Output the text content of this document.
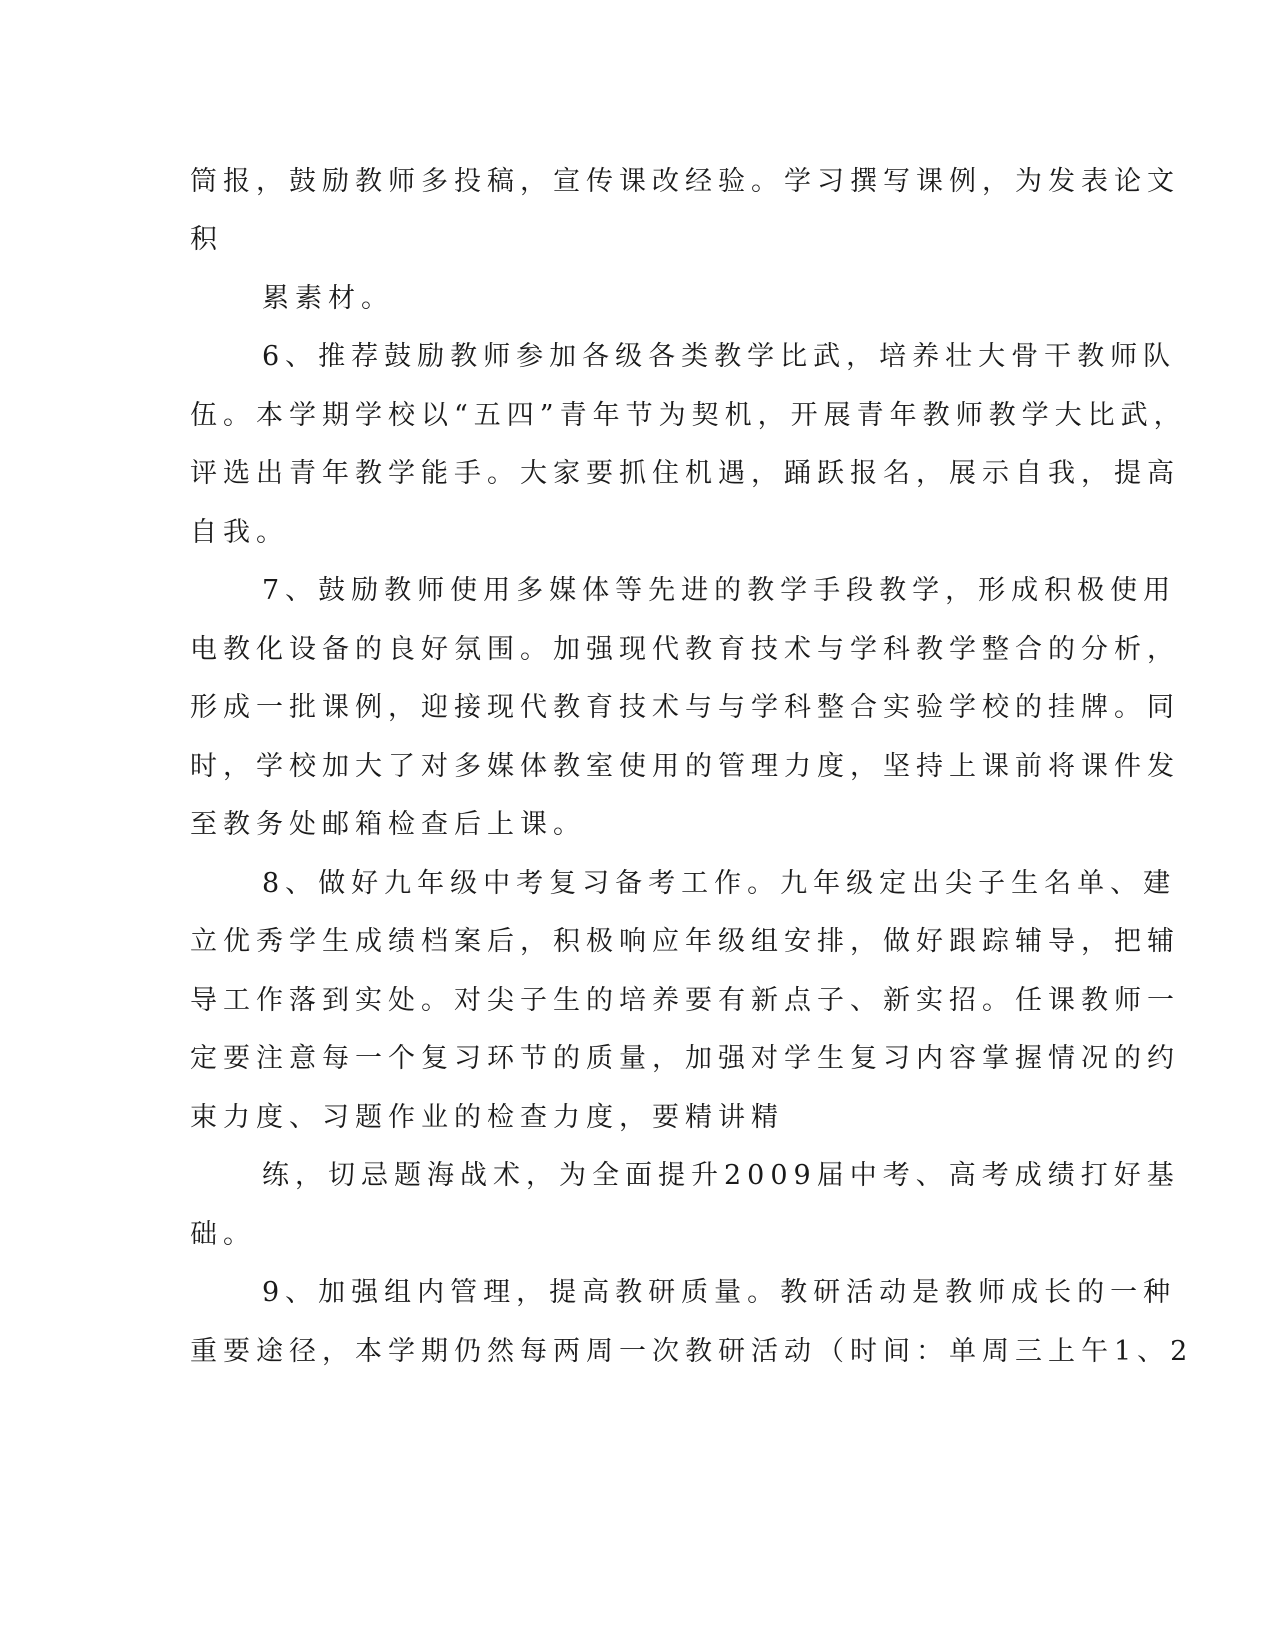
筒报，鼓励教师多投稿，宣传课改经验。学习撰写课例，为发表论文

积

累素材。

6、推荐鼓励教师参加各级各类教学比武，培养壮大骨干教师队

伍。本学期学校以“五四”青年节为契机，开展青年教师教学大比武，

评选出青年教学能手。大家要抓住机遇，踊跃报名，展示自我，提高

自我。

7、鼓励教师使用多媒体等先进的教学手段教学，形成积极使用

电教化设备的良好氛围。加强现代教育技术与学科教学整合的分析，

形成一批课例，迎接现代教育技术与与学科整合实验学校的挂牌。同

时，学校加大了对多媒体教室使用的管理力度，坚持上课前将课件发

至教务处邮箱检查后上课。

8、做好九年级中考复习备考工作。九年级定出尖子生名单、建

立优秀学生成绩档案后，积极响应年级组安排，做好跟踪辅导，把辅

导工作落到实处。对尖子生的培养要有新点子、新实招。任课教师一

定要注意每一个复习环节的质量，加强对学生复习内容掌握情况的约

束力度、习题作业的检查力度，要精讲精

练，切忌题海战术，为全面提升2009届中考、高考成绩打好基

础。

9、加强组内管理，提高教研质量。教研活动是教师成长的一种

重要途径，本学期仍然每两周一次教研活动（时间：单周三上午1、2
